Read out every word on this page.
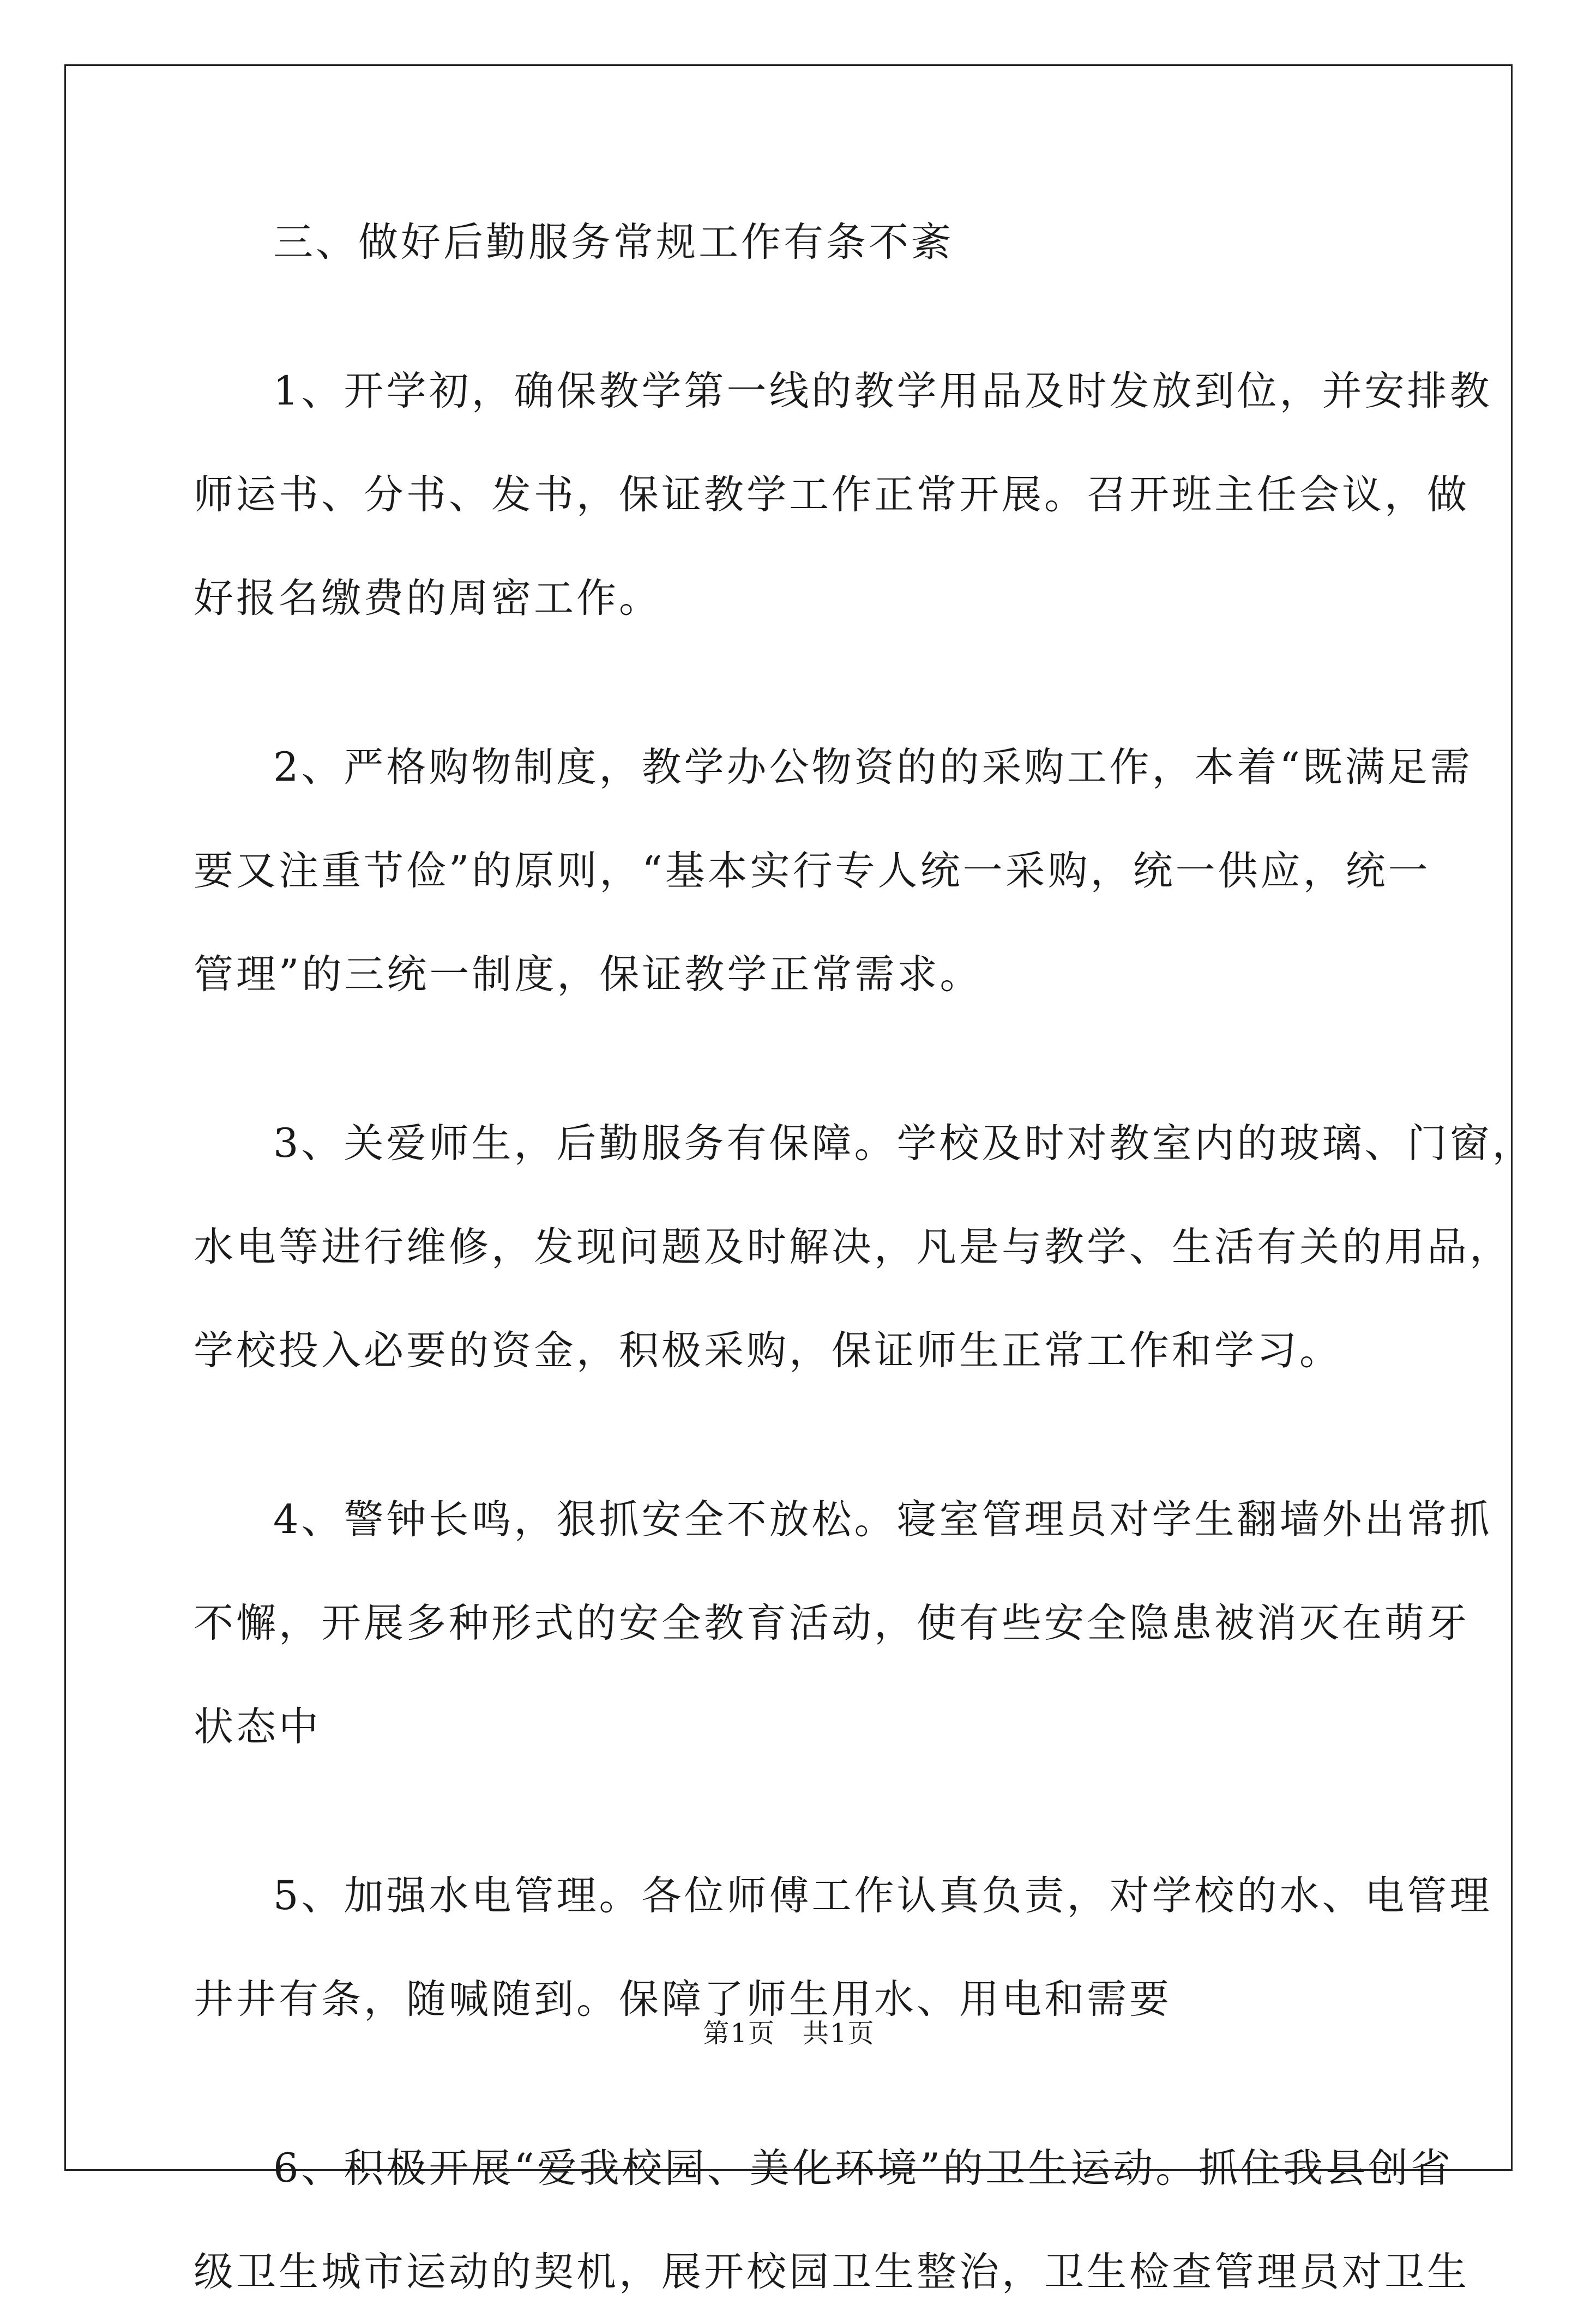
三、做好后勤服务常规工作有条不紊

1、开学初，确保教学第一线的教学用品及时发放到位，并安排教
师运书、分书、发书，保证教学工作正常开展。召开班主任会议，做
好报名缴费的周密工作。
2、严格购物制度，教学办公物资的的采购工作，本着“既满足需
要又注重节俭”的原则，“基本实行专人统一采购，统一供应，统一
管理”的三统一制度，保证教学正常需求。
3、关爱师生，后勤服务有保障。学校及时对教室内的玻璃、门窗，
水电等进行维修，发现问题及时解决，凡是与教学、生活有关的用品，
学校投入必要的资金，积极采购，保证师生正常工作和学习。
4、警钟长鸣，狠抓安全不放松。寝室管理员对学生翻墙外出常抓
不懈，开展多种形式的安全教育活动，使有些安全隐患被消灭在萌牙
状态中
5、加强水电管理。各位师傅工作认真负责，对学校的水、电管理
井井有条，随喊随到。保障了师生用水、用电和需要
6、积极开展“爱我校园、美化环境”的卫生运动。抓住我县创省
级卫生城市运动的契机，展开校园卫生整治，卫生检查管理员对卫生
第1页 共1页
